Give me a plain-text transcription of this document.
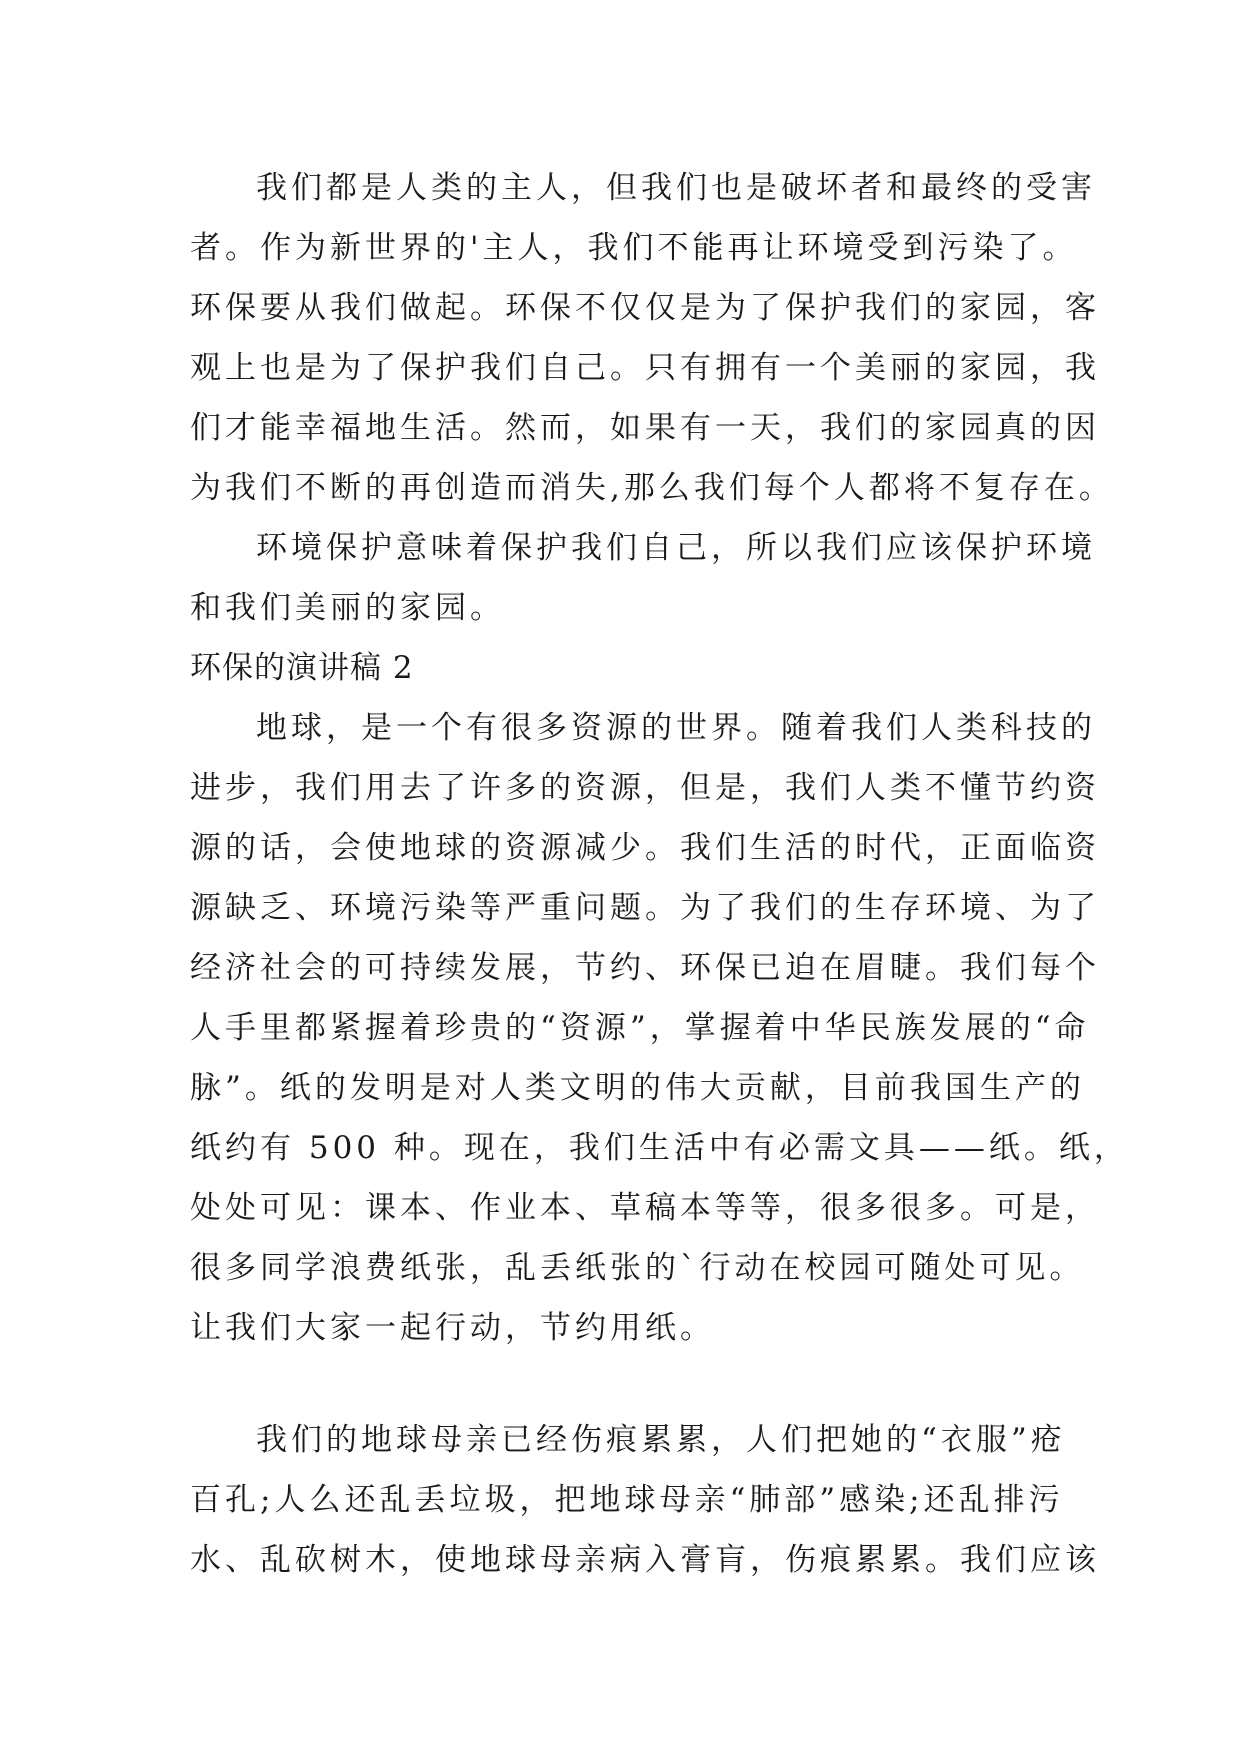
我们都是人类的主人，但我们也是破坏者和最终的受害
者。作为新世界的'主人，我们不能再让环境受到污染了。
环保要从我们做起。环保不仅仅是为了保护我们的家园，客
观上也是为了保护我们自己。只有拥有一个美丽的家园，我
们才能幸福地生活。然而，如果有一天，我们的家园真的因
为我们不断的再创造而消失,那么我们每个人都将不复存在。
环境保护意味着保护我们自己，所以我们应该保护环境
和我们美丽的家园。
环保的演讲稿 2
地球，是一个有很多资源的世界。随着我们人类科技的
进步，我们用去了许多的资源，但是，我们人类不懂节约资
源的话，会使地球的资源减少。我们生活的时代，正面临资
源缺乏、环境污染等严重问题。为了我们的生存环境、为了
经济社会的可持续发展，节约、环保已迫在眉睫。我们每个
人手里都紧握着珍贵的“资源”，掌握着中华民族发展的“命
脉”。纸的发明是对人类文明的伟大贡献，目前我国生产的
纸约有 500 种。现在，我们生活中有必需文具——纸。纸，
处处可见：课本、作业本、草稿本等等，很多很多。可是，
很多同学浪费纸张，乱丢纸张的`行动在校园可随处可见。
让我们大家一起行动，节约用纸。
我们的地球母亲已经伤痕累累，人们把她的“衣服”疮
百孔;人么还乱丢垃圾，把地球母亲“肺部”感染;还乱排污
水、乱砍树木，使地球母亲病入膏肓，伤痕累累。我们应该
